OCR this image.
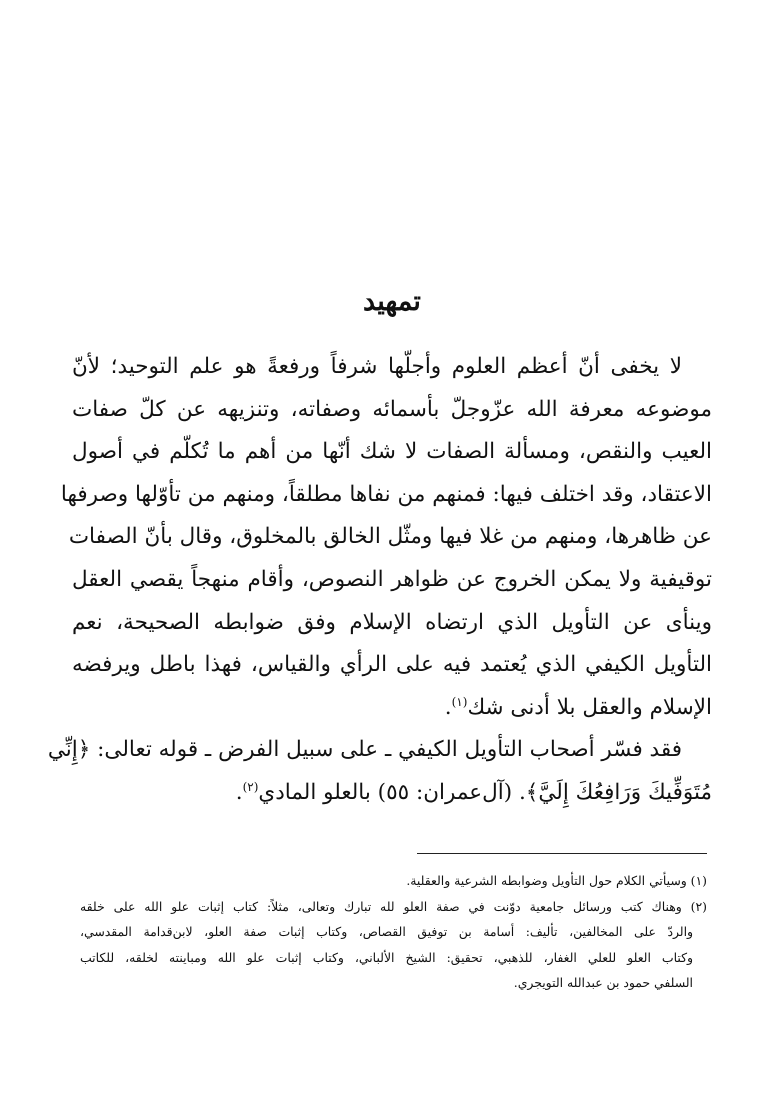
تمهيد
لا يخفى أنّ أعظم العلوم وأجلّها شرفاً ورفعةً هو علم التوحيد؛ لأنّ
موضوعه معرفة الله عزّوجلّ بأسمائه وصفاته، وتنزيهه عن كلّ صفات
العيب والنقص، ومسألة الصفات لا شك أنّها من أهم ما تُكلّم في أصول
الاعتقاد، وقد اختلف فيها: فمنهم من نفاها مطلقاً، ومنهم من تأوّلها وصرفها
عن ظاهرها، ومنهم من غلا فيها ومثّل الخالق بالمخلوق، وقال بأنّ الصفات
توقيفية ولا يمكن الخروج عن ظواهر النصوص، وأقام منهجاً يقصي العقل
وينأى عن التأويل الذي ارتضاه الإسلام وفق ضوابطه الصحيحة، نعم
التأويل الكيفي الذي يُعتمد فيه على الرأي والقياس، فهذا باطل ويرفضه
الإسلام والعقل بلا أدنى شك$^{(١)}$.
فقد فسّر أصحاب التأويل الكيفي ـ على سبيل الفرض ـ قوله تعالى: ﴿إِنِّي
مُتَوَفِّيكَ وَرَافِعُكَ إِلَيَّ﴾. (آل‌عمران: ٥٥) بالعلو المادي$^{(٢)}$.
(١) وسيأتي الكلام حول التأويل وضوابطه الشرعية والعقلية.
(٢) وهناك كتب ورسائل جامعية دوّنت في صفة العلو لله تبارك وتعالى، مثلاً: كتاب إثبات علو الله على خلقه
والردّ على المخالفين، تأليف: أسامة بن توفيق القصاص، وكتاب إثبات صفة العلو، لابن‌قدامة المقدسي،
وكتاب العلو للعلي الغفار، للذهبي، تحقيق: الشيخ الألباني، وكتاب إثبات علو الله ومباينته لخلقه، للكاتب
السلفي حمود بن عبدالله التويجري.
